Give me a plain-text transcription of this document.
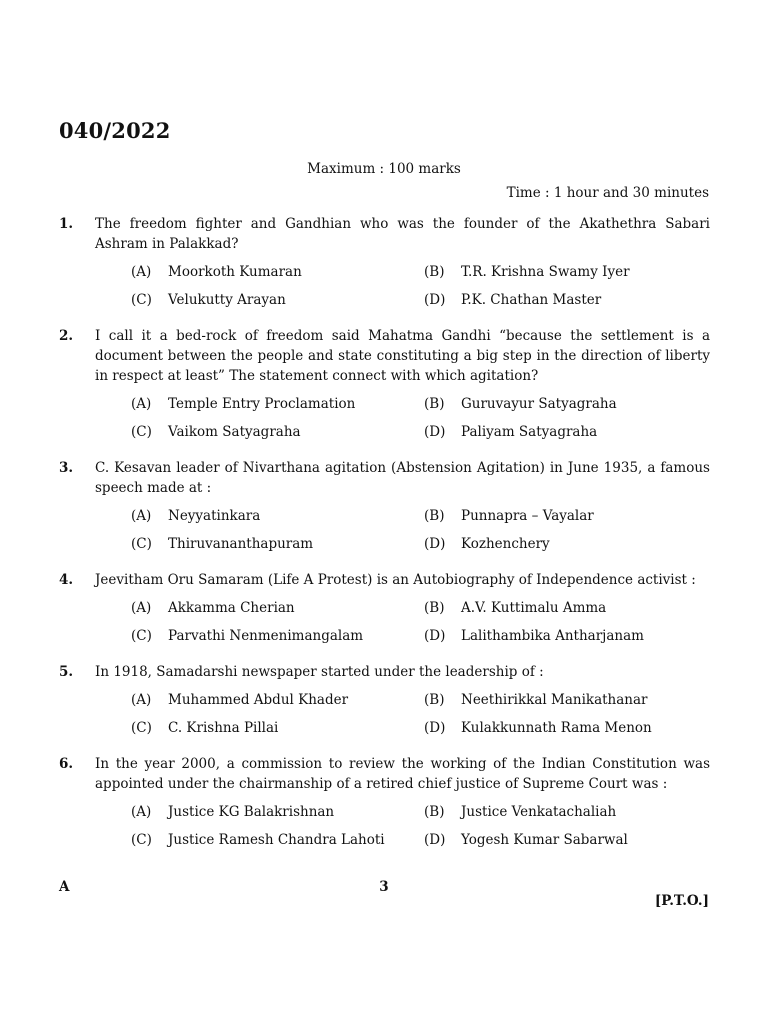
040/2022
Maximum : 100 marks
Time : 1 hour and 30 minutes
1.	The freedom fighter and Gandhian who was the founder of the Akathethra Sabari Ashram in Palakkad?
(A)	Moorkoth Kumaran	(B)	T.R. Krishna Swamy Iyer
(C)	Velukutty Arayan	(D)	P.K. Chathan Master
2.	I call it a bed-rock of freedom said Mahatma Gandhi “because the settlement is a document between the people and state constituting a big step in the direction of liberty in respect at least” The statement connect with which agitation?
(A)	Temple Entry Proclamation	(B)	Guruvayur Satyagraha
(C)	Vaikom Satyagraha	(D)	Paliyam Satyagraha
3.	C. Kesavan leader of Nivarthana agitation (Abstension Agitation) in June 1935, a famous speech made at :
(A)	Neyyatinkara	(B)	Punnapra – Vayalar
(C)	Thiruvananthapuram	(D)	Kozhenchery
4.	Jeevitham Oru Samaram (Life A Protest) is an Autobiography of Independence activist :
(A)	Akkamma Cherian	(B)	A.V. Kuttimalu Amma
(C)	Parvathi Nenmenimangalam	(D)	Lalithambika Antharjanam
5.	In 1918, Samadarshi newspaper started under the leadership of :
(A)	Muhammed Abdul Khader	(B)	Neethirikkal Manikathanar
(C)	C. Krishna Pillai	(D)	Kulakkunnath Rama Menon
6.	In the year 2000, a commission to review the working of the Indian Constitution was appointed under the chairmanship of a retired chief justice of Supreme Court was :
(A)	Justice KG Balakrishnan	(B)	Justice Venkatachaliah
(C)	Justice Ramesh Chandra Lahoti	(D)	Yogesh Kumar Sabarwal
A	3
[P.T.O.]
